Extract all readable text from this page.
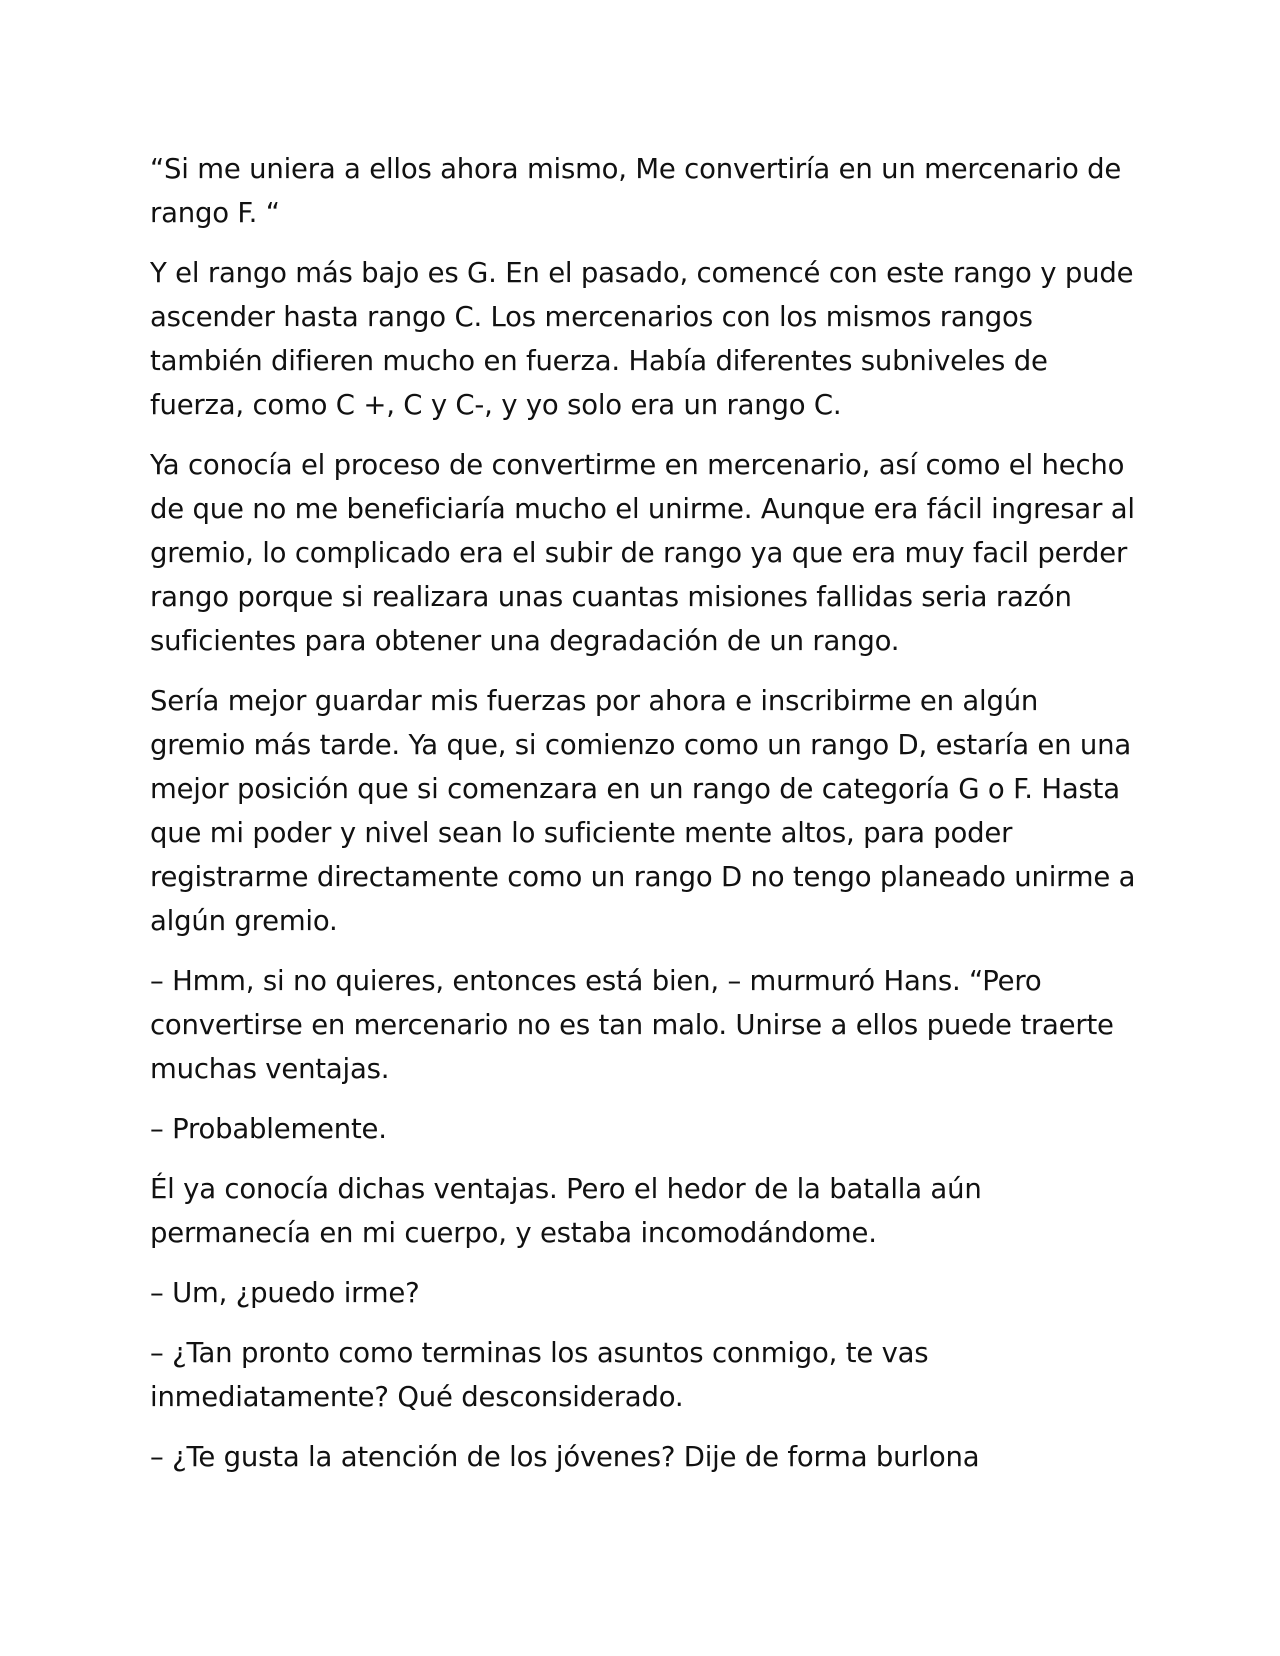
“Si me uniera a ellos ahora mismo, Me convertiría en un mercenario de rango F. “

Y el rango más bajo es G. En el pasado, comencé con este rango y pude ascender hasta rango C. Los mercenarios con los mismos rangos también difieren mucho en fuerza. Había diferentes subniveles de fuerza, como C +, C y C-, y yo solo era un rango C.

Ya conocía el proceso de convertirme en mercenario, así como el hecho de que no me beneficiaría mucho el unirme. Aunque era fácil ingresar al gremio, lo complicado era el subir de rango ya que era muy facil perder rango porque si realizara unas cuantas misiones fallidas seria razón suficientes para obtener una degradación de un rango.

Sería mejor guardar mis fuerzas por ahora e inscribirme en algún gremio más tarde. Ya que, si comienzo como un rango D, estaría en una mejor posición que si comenzara en un rango de categoría G o F. Hasta que mi poder y nivel sean lo suficiente mente altos, para poder registrarme directamente como un rango D no tengo planeado unirme a algún gremio.

– Hmm, si no quieres, entonces está bien, – murmuró Hans. “Pero convertirse en mercenario no es tan malo. Unirse a ellos puede traerte muchas ventajas.

– Probablemente.

Él ya conocía dichas ventajas. Pero el hedor de la batalla aún permanecía en mi cuerpo, y estaba incomodándome.

– Um, ¿puedo irme?

– ¿Tan pronto como terminas los asuntos conmigo, te vas inmediatamente? Qué desconsiderado.

– ¿Te gusta la atención de los jóvenes? Dije de forma burlona
